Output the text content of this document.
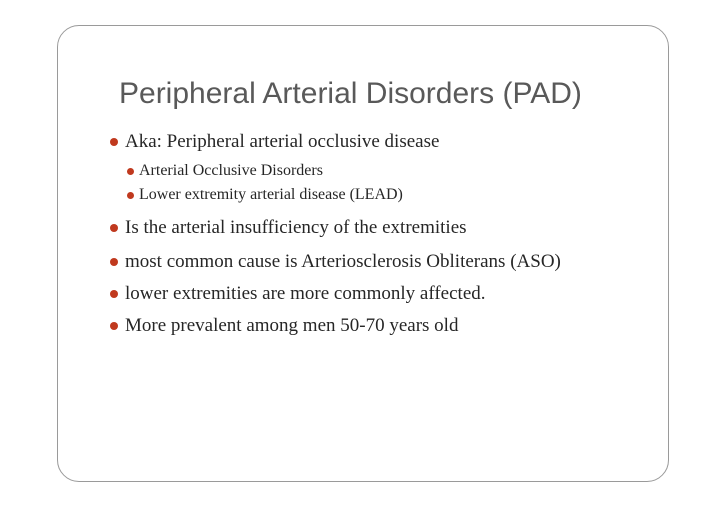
Peripheral Arterial Disorders (PAD)
Aka: Peripheral arterial occlusive disease
Arterial Occlusive Disorders
Lower extremity arterial disease (LEAD)
Is the arterial insufficiency of the extremities
most common cause is Arteriosclerosis Obliterans (ASO)
lower extremities are more commonly affected.
More prevalent among men 50-70 years old
